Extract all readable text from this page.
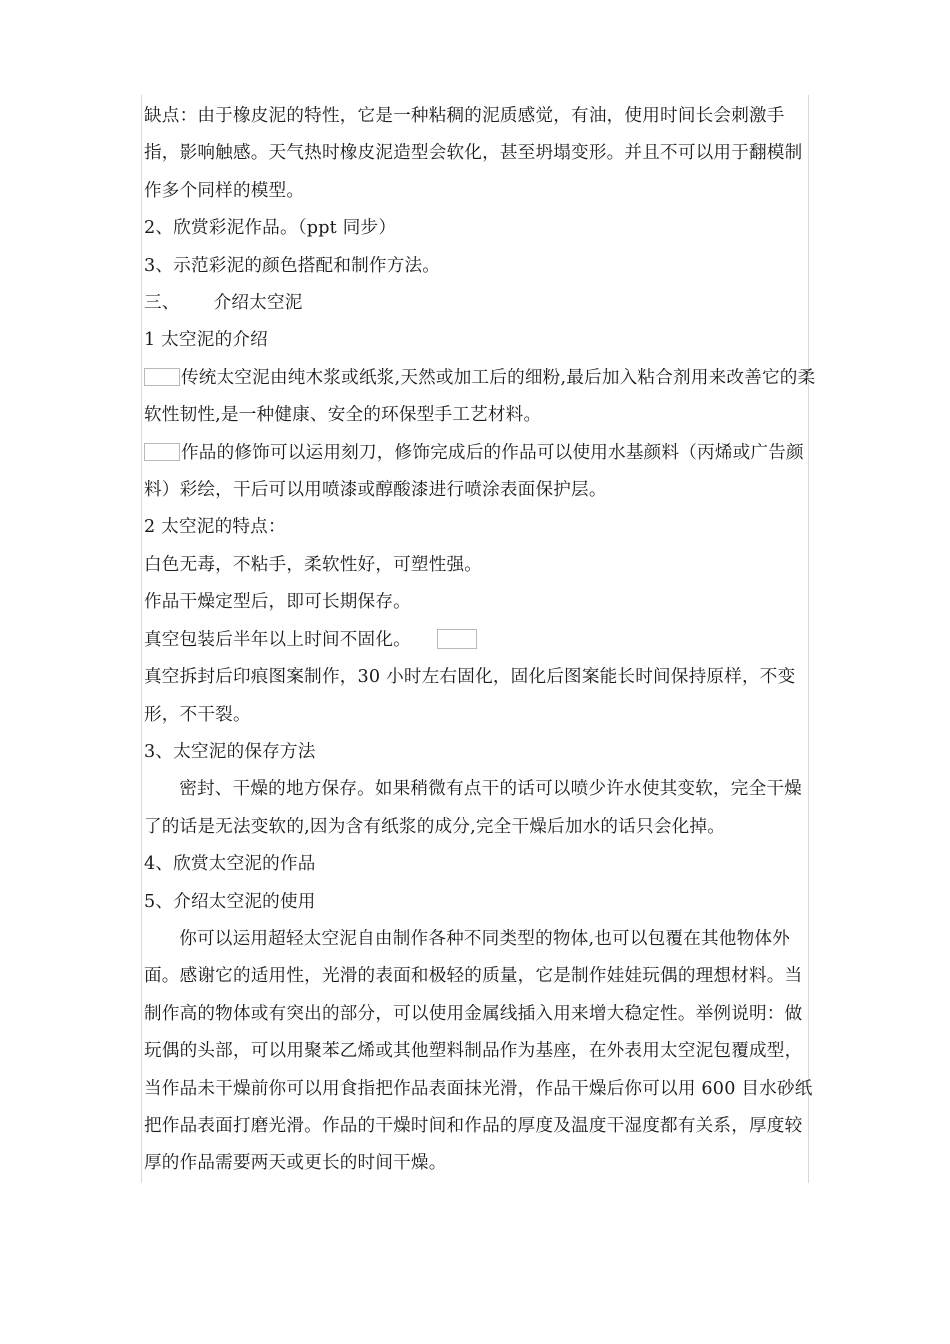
缺点：由于橡皮泥的特性，它是一种粘稠的泥质感觉，有油，使用时间长会刺激手指，影响触感。天气热时橡皮泥造型会软化，甚至坍塌变形。并且不可以用于翻模制作多个同样的模型。

2、欣赏彩泥作品。（ppt 同步）

3、示范彩泥的颜色搭配和制作方法。

三、 介绍太空泥

1 太空泥的介绍

传统太空泥由纯木浆或纸浆,天然或加工后的细粉,最后加入粘合剂用来改善它的柔软性韧性,是一种健康、安全的环保型手工艺材料。

作品的修饰可以运用刻刀，修饰完成后的作品可以使用水基颜料（丙烯或广告颜料）彩绘，干后可以用喷漆或醇酸漆进行喷涂表面保护层。

2 太空泥的特点：

白色无毒，不粘手，柔软性好，可塑性强。

作品干燥定型后，即可长期保存。

真空包装后半年以上时间不固化。

真空拆封后印痕图案制作，30 小时左右固化，固化后图案能长时间保持原样，不变形，不干裂。

3、太空泥的保存方法

密封、干燥的地方保存。如果稍微有点干的话可以喷少许水使其变软，完全干燥了的话是无法变软的,因为含有纸浆的成分,完全干燥后加水的话只会化掉。

4、欣赏太空泥的作品

5、介绍太空泥的使用

你可以运用超轻太空泥自由制作各种不同类型的物体,也可以包覆在其他物体外面。感谢它的适用性，光滑的表面和极轻的质量，它是制作娃娃玩偶的理想材料。当制作高的物体或有突出的部分，可以使用金属线插入用来增大稳定性。举例说明：做玩偶的头部，可以用聚苯乙烯或其他塑料制品作为基座，在外表用太空泥包覆成型，当作品未干燥前你可以用食指把作品表面抹光滑，作品干燥后你可以用 600 目水砂纸把作品表面打磨光滑。作品的干燥时间和作品的厚度及温度干湿度都有关系，厚度较厚的作品需要两天或更长的时间干燥。
